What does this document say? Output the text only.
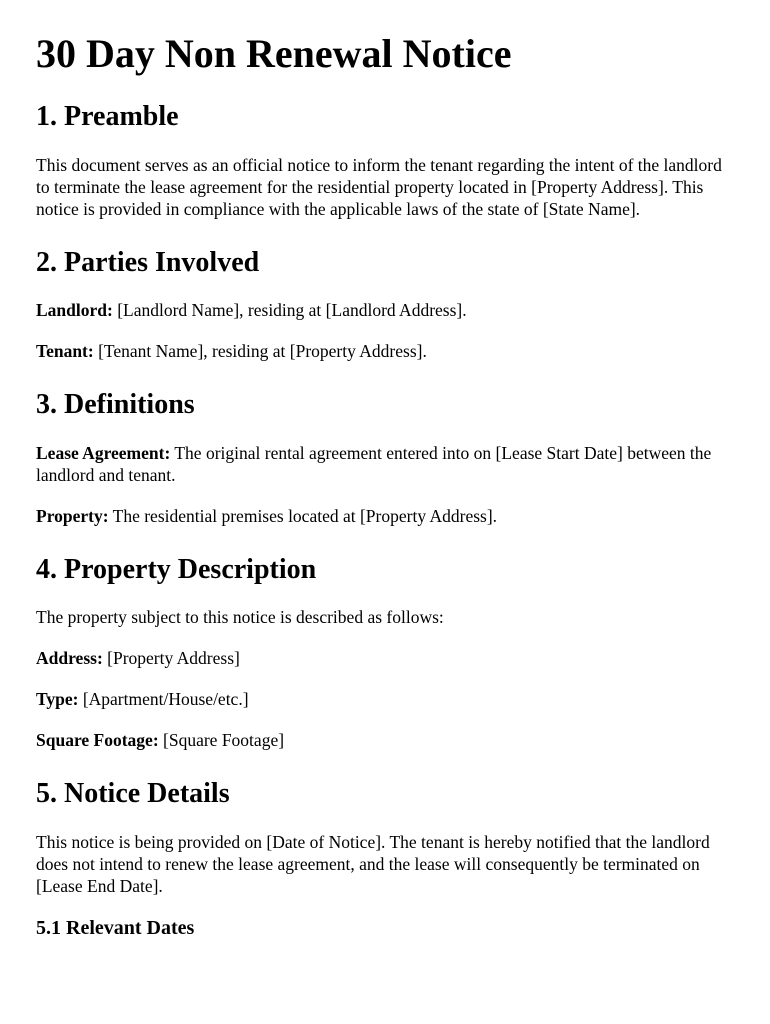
30 Day Non Renewal Notice
1. Preamble

This document serves as an official notice to inform the tenant regarding the intent of the landlord to terminate the lease agreement for the residential property located in [Property Address]. This notice is provided in compliance with the applicable laws of the state of [State Name].

2. Parties Involved

Landlord: [Landlord Name], residing at [Landlord Address].

Tenant: [Tenant Name], residing at [Property Address].

3. Definitions

Lease Agreement: The original rental agreement entered into on [Lease Start Date] between the landlord and tenant.

Property: The residential premises located at [Property Address].

4. Property Description

The property subject to this notice is described as follows:

Address: [Property Address]

Type: [Apartment/House/etc.]

Square Footage: [Square Footage]

5. Notice Details

This notice is being provided on [Date of Notice]. The tenant is hereby notified that the landlord does not intend to renew the lease agreement, and the lease will consequently be terminated on [Lease End Date].

5.1 Relevant Dates
